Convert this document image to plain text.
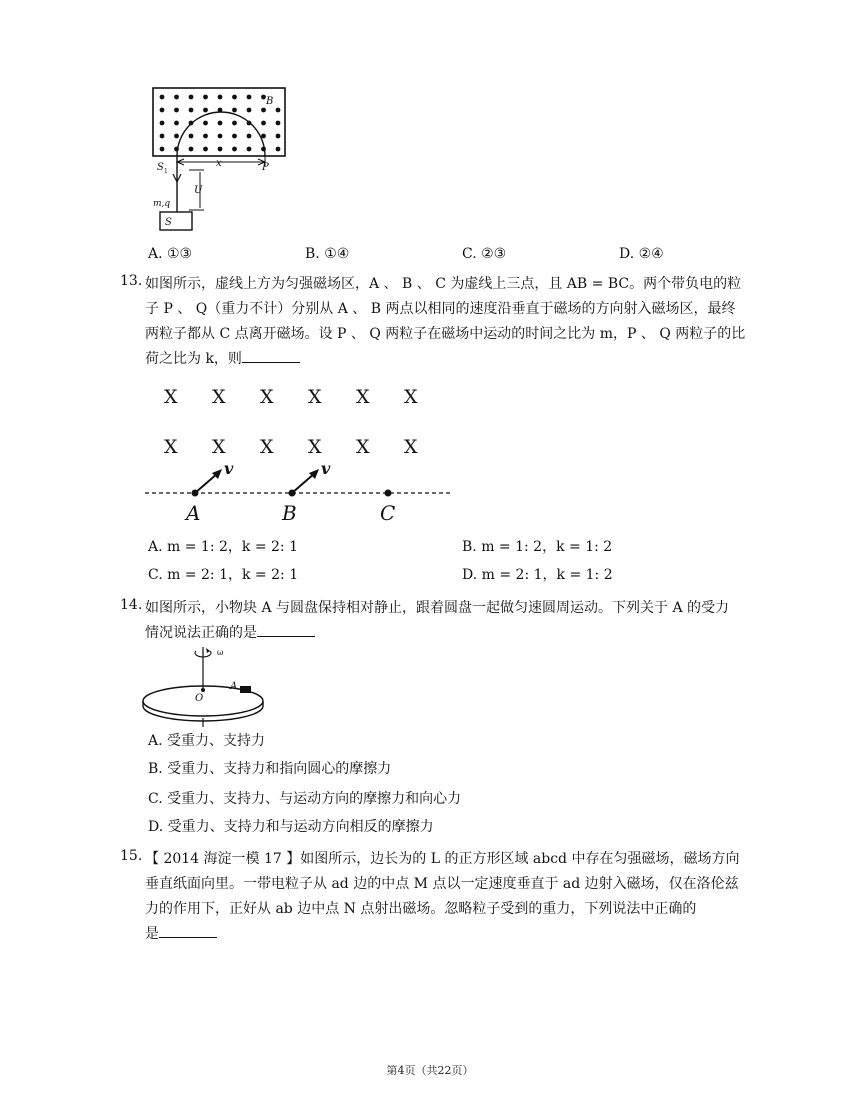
x	P
B
S 1
U
m,q
S
A. ①③	B. ①④	C. ②③	D. ②④
13. 如图所示，虚线上方为匀强磁场区，A 、 B 、 C 为虚线上三点，且 AB = BC。两个带负电的粒
子 P 、 Q（重力不计）分别从 A 、 B 两点以相同的速度沿垂直于磁场的方向射入磁场区，最终
两粒子都从 C 点离开磁场。设 P 、 Q 两粒子在磁场中运动的时间之比为 m，P 、 Q 两粒子的比
荷之比为 k，则
X X X X X X
X X X X X X
v	v
A	B	C
A. m = 1: 2，k = 2: 1	B. m = 1: 2，k = 1: 2
C. m = 2: 1，k = 2: 1	D. m = 2: 1，k = 1: 2
14. 如图所示，小物块 A 与圆盘保持相对静止，跟着圆盘一起做匀速圆周运动。下列关于 A 的受力
情况说法正确的是
ω
O
A
A. 受重力、支持力
B. 受重力、支持力和指向圆心的摩擦力
C. 受重力、支持力、与运动方向的摩擦力和向心力
D. 受重力、支持力和与运动方向相反的摩擦力
15. 【 2014 海淀一模 17 】如图所示，边长为的 L 的正方形区域 abcd 中存在匀强磁场，磁场方向
垂直纸面向里。一带电粒子从 ad 边的中点 M 点以一定速度垂直于 ad 边射入磁场，仅在洛伦兹
力的作用下，正好从 ab 边中点 N 点射出磁场。忽略粒子受到的重力，下列说法中正确的
是
第4页（共22页）
